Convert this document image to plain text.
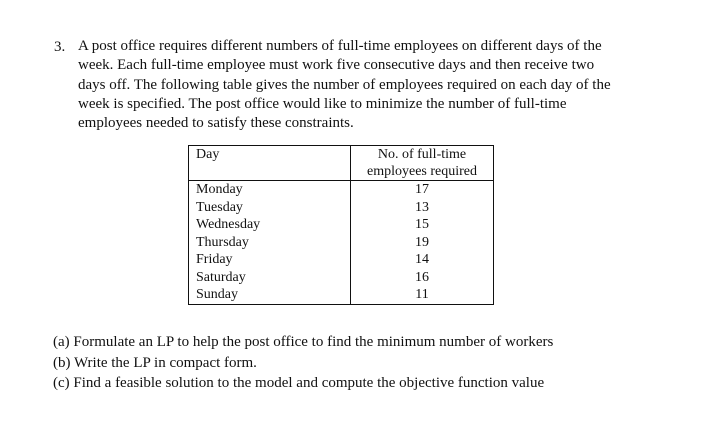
3. A post office requires different numbers of full-time employees on different days of the
week. Each full-time employee must work five consecutive days and then receive two
days off. The following table gives the number of employees required on each day of the
week is specified. The post office would like to minimize the number of full-time
employees needed to satisfy these constraints.
Day	No. of full-time
employees required

Monday	17
Tuesday	13
Wednesday	15
Thursday	19
Friday	14
Saturday	16
Sunday	11
(a) Formulate an LP to help the post office to find the minimum number of workers
(b) Write the LP in compact form.
(c) Find a feasible solution to the model and compute the objective function value
